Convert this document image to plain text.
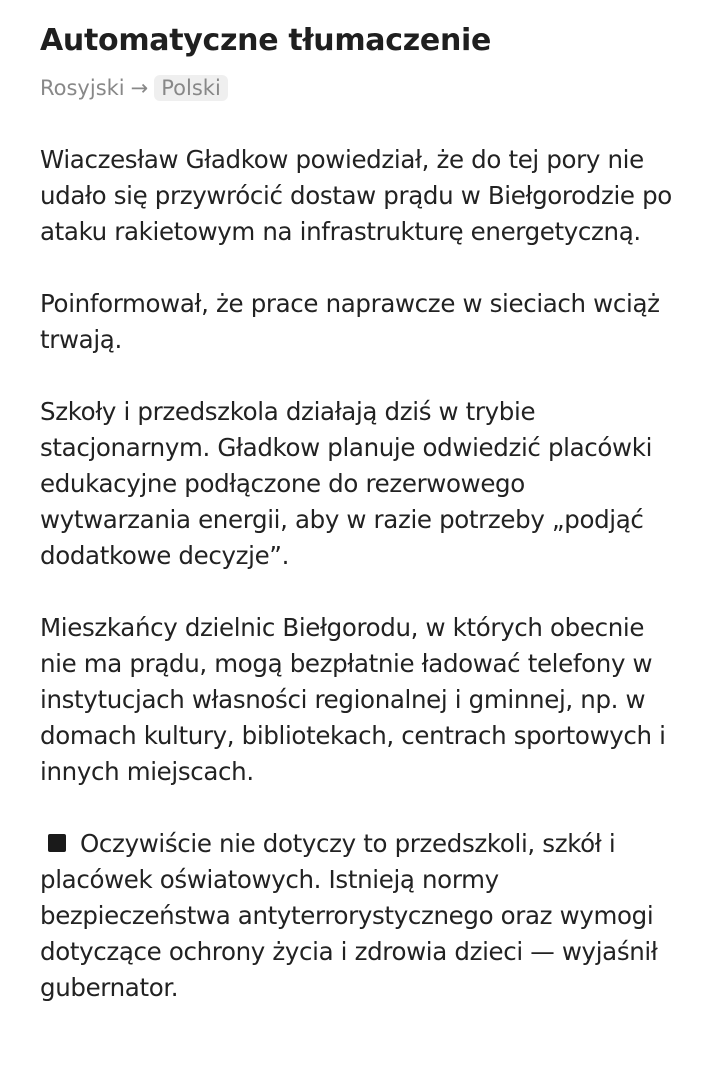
Automatyczne tłumaczenie
Rosyjski → Polski

Wiaczesław Gładkow powiedział, że do tej pory nie udało się przywrócić dostaw prądu w Biełgorodzie po ataku rakietowym na infrastrukturę energetyczną.

Poinformował, że prace naprawcze w sieciach wciąż trwają.

Szkoły i przedszkola działają dziś w trybie stacjonarnym. Gładkow planuje odwiedzić placówki edukacyjne podłączone do rezerwowego wytwarzania energii, aby w razie potrzeby „podjąć dodatkowe decyzje”.

Mieszkańcy dzielnic Biełgorodu, w których obecnie nie ma prądu, mogą bezpłatnie ładować telefony w instytucjach własności regionalnej i gminnej, np. w domach kultury, bibliotekach, centrach sportowych i innych miejscach.

Oczywiście nie dotyczy to przedszkoli, szkół i placówek oświatowych. Istnieją normy bezpieczeństwa antyterrorystycznego oraz wymogi dotyczące ochrony życia i zdrowia dzieci — wyjaśnił gubernator.
